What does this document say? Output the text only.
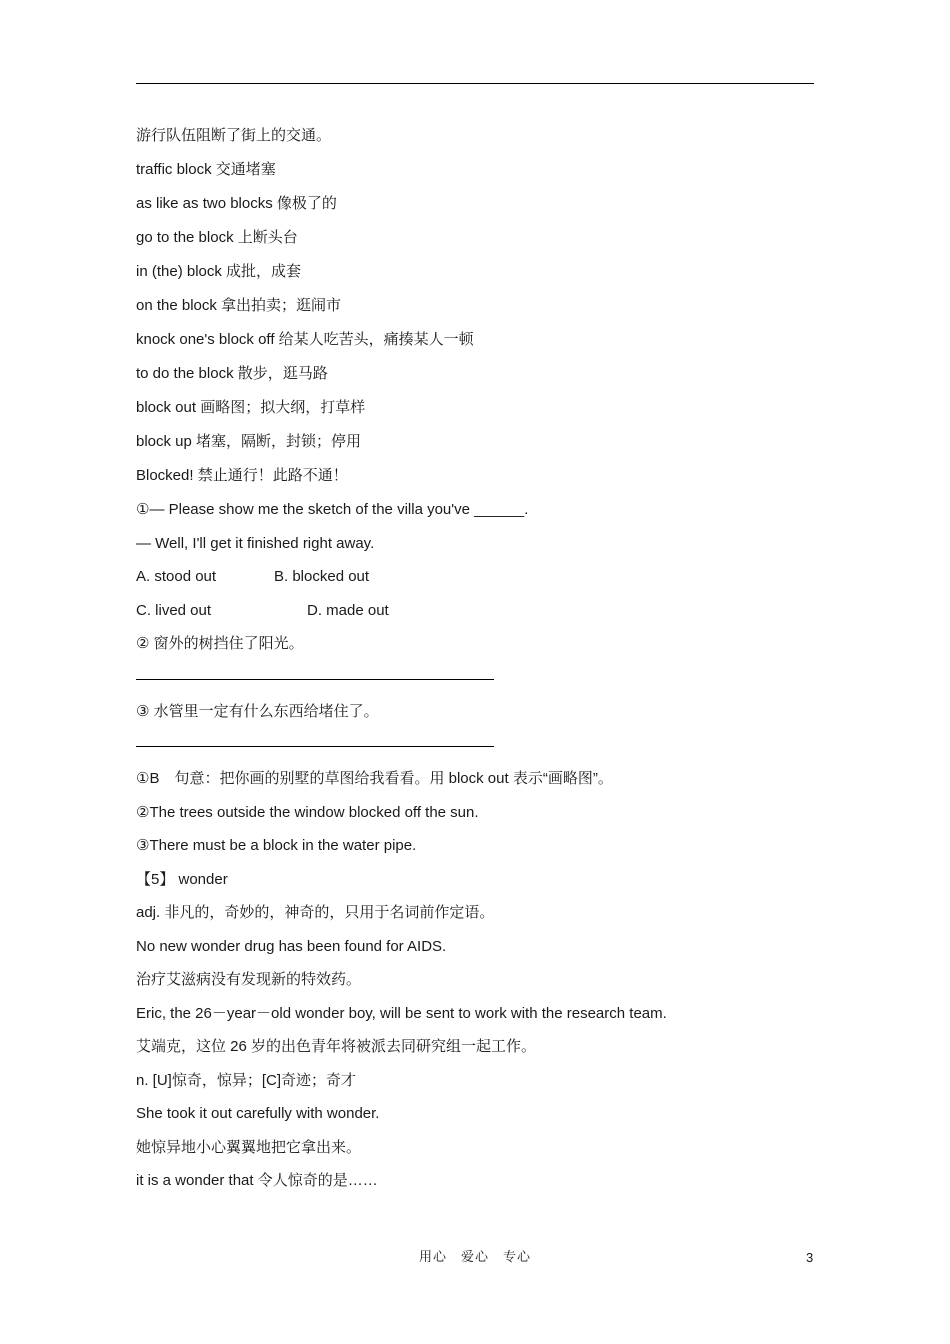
游行队伍阻断了街上的交通。
traffic block 交通堵塞
as like as two blocks 像极了的
go to the block 上断头台
in (the) block 成批，成套
on the block 拿出拍卖；逛闹市
knock one's block off 给某人吃苦头，痛揍某人一顿
to do the block 散步，逛马路
block out 画略图；拟大纲，打草样
block up 堵塞，隔断，封锁；停用
Blocked! 禁止通行！此路不通！
①— Please show me the sketch of the villa you've ______.
— Well, I'll get it finished right away.
A. stood out	B. blocked out
C. lived out	D. made out
② 窗外的树挡住了阳光。
③ 水管里一定有什么东西给堵住了。
①B　句意：把你画的别墅的草图给我看看。用 block out 表示“画略图”。
②The trees outside the window blocked off the sun.
③There must be a block in the water pipe.
【5】 wonder
adj. 非凡的，奇妙的，神奇的，只用于名词前作定语。
No new wonder drug has been found for AIDS.
治疗艾滋病没有发现新的特效药。
Eric, the 26－year－old wonder boy, will be sent to work with the research team.
艾端克，这位 26 岁的出色青年将被派去同研究组一起工作。
n. [U]惊奇，惊异；[C]奇迹；奇才
She took it out carefully with wonder.
她惊异地小心翼翼地把它拿出来。
it is a wonder that 令人惊奇的是……
用心　爱心　专心	3
